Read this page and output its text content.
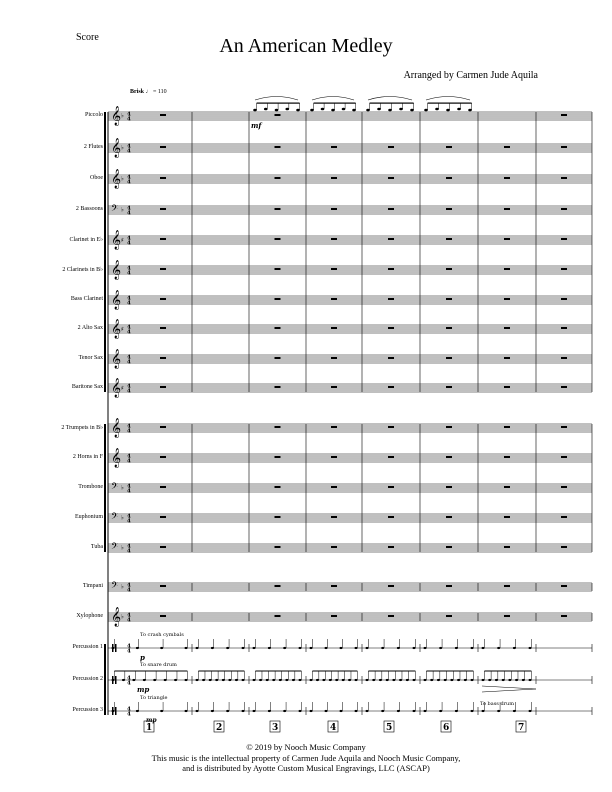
Score	An American Medley
Arranged by Carmen Jude Aquila
Brisk ♩ = 110
Piccolo
2 Flutes
Oboe
2 Bassoons
Clarinet in E♭
2 Clarinets in B♭
Bass Clarinet
2 Alto Sax
Tenor Sax
Baritone Sax
2 Trumpets in B♭
2 Horns in F
Trombone
Euphonium
Tuba
Timpani
Xylophone
Percussion 1
Percussion 2
Percussion 3
𝄞 ♭ 4
4
𝄞 ♭ 4
4
𝄞 ♭ 4
4
𝄢 ♭ 4
4
𝄞 ♯ 4
4
𝄞 4
4
𝄞 4
4
𝄞 ♯ 4
4
𝄞 4
4
𝄞 ♯ 4
4
𝄞 4
4
𝄞 4
4
𝄢 ♭ 4
4
𝄢 ♭ 4
4
𝄢 ♭ 4
4
𝄢 ♭ 4
4
𝄞 ♭ 4
4
4
4
4
4
4
4
mf
To crash cymbals
To snare drum
To triangle
To bass drum
p
mp
mp
1	2	3	4	5	6	7
© 2019 by Nooch Music Company
This music is the intellectual property of Carmen Jude Aquila and Nooch Music Company,
and is distributed by Ayotte Custom Musical Engravings, LLC (ASCAP)
